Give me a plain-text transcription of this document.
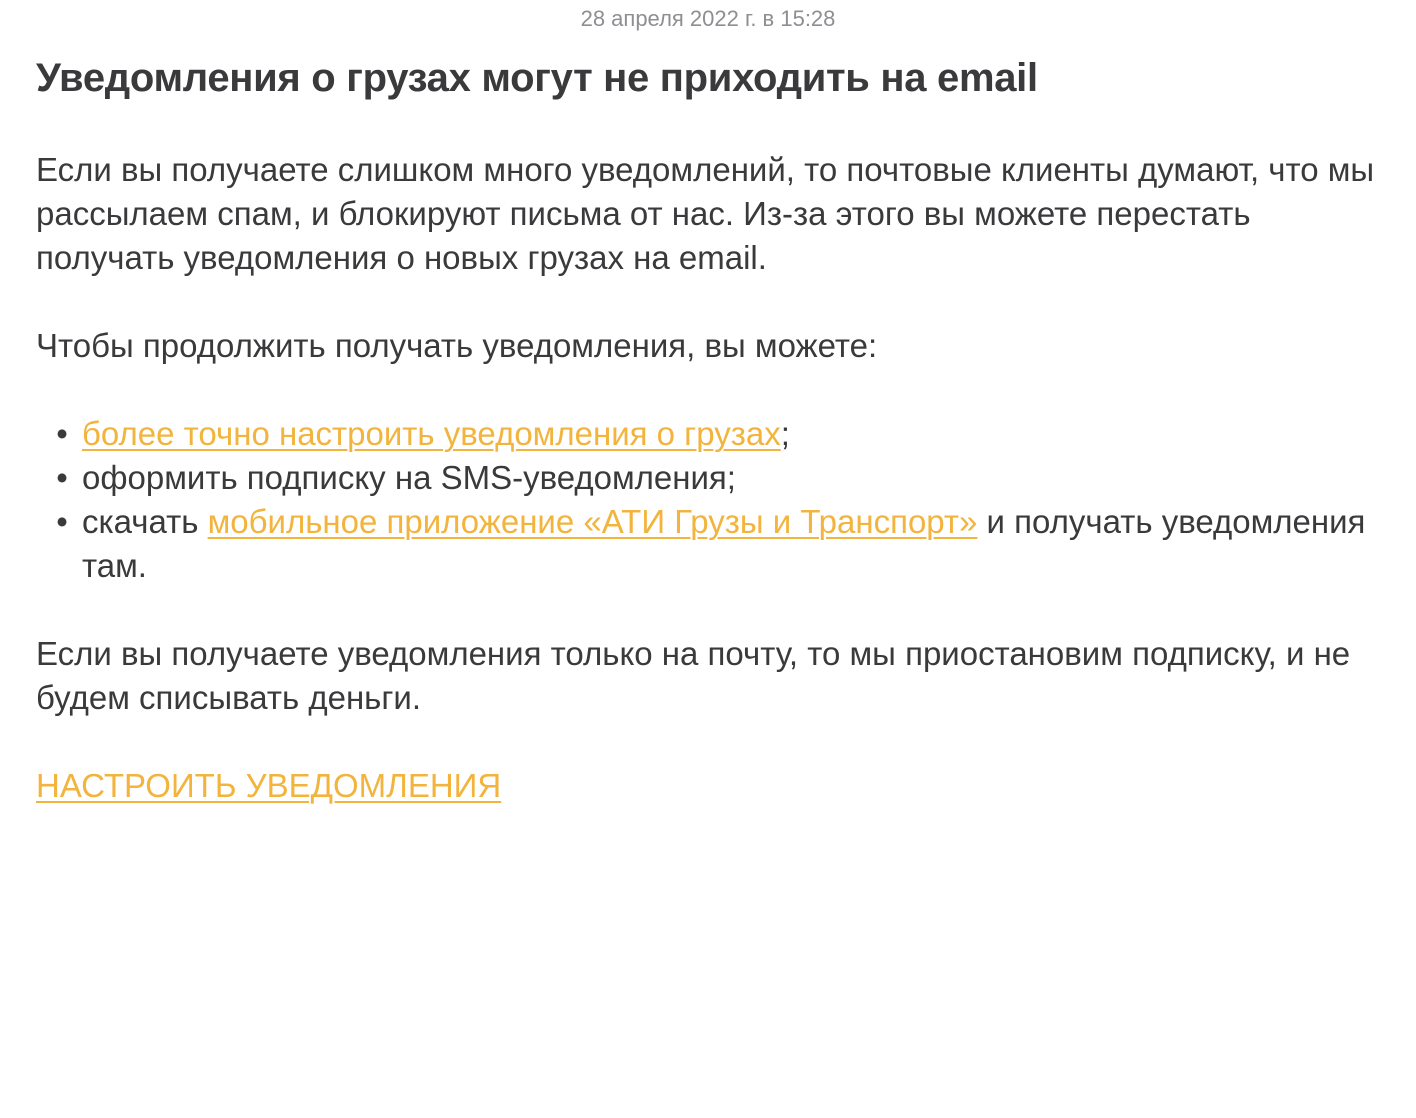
28 апреля 2022 г. в 15:28
Уведомления о грузах могут не приходить на email

Если вы получаете слишком много уведомлений, то почтовые клиенты думают, что мы рассылаем спам, и блокируют письма от нас. Из-за этого вы можете перестать получать уведомления о новых грузах на email.

Чтобы продолжить получать уведомления, вы можете:

• более точно настроить уведомления о грузах;
• оформить подписку на SMS-уведомления;
• скачать мобильное приложение «АТИ Грузы и Транспорт» и получать уведомления там.

Если вы получаете уведомления только на почту, то мы приостановим подписку, и не будем списывать деньги.

НАСТРОИТЬ УВЕДОМЛЕНИЯ
